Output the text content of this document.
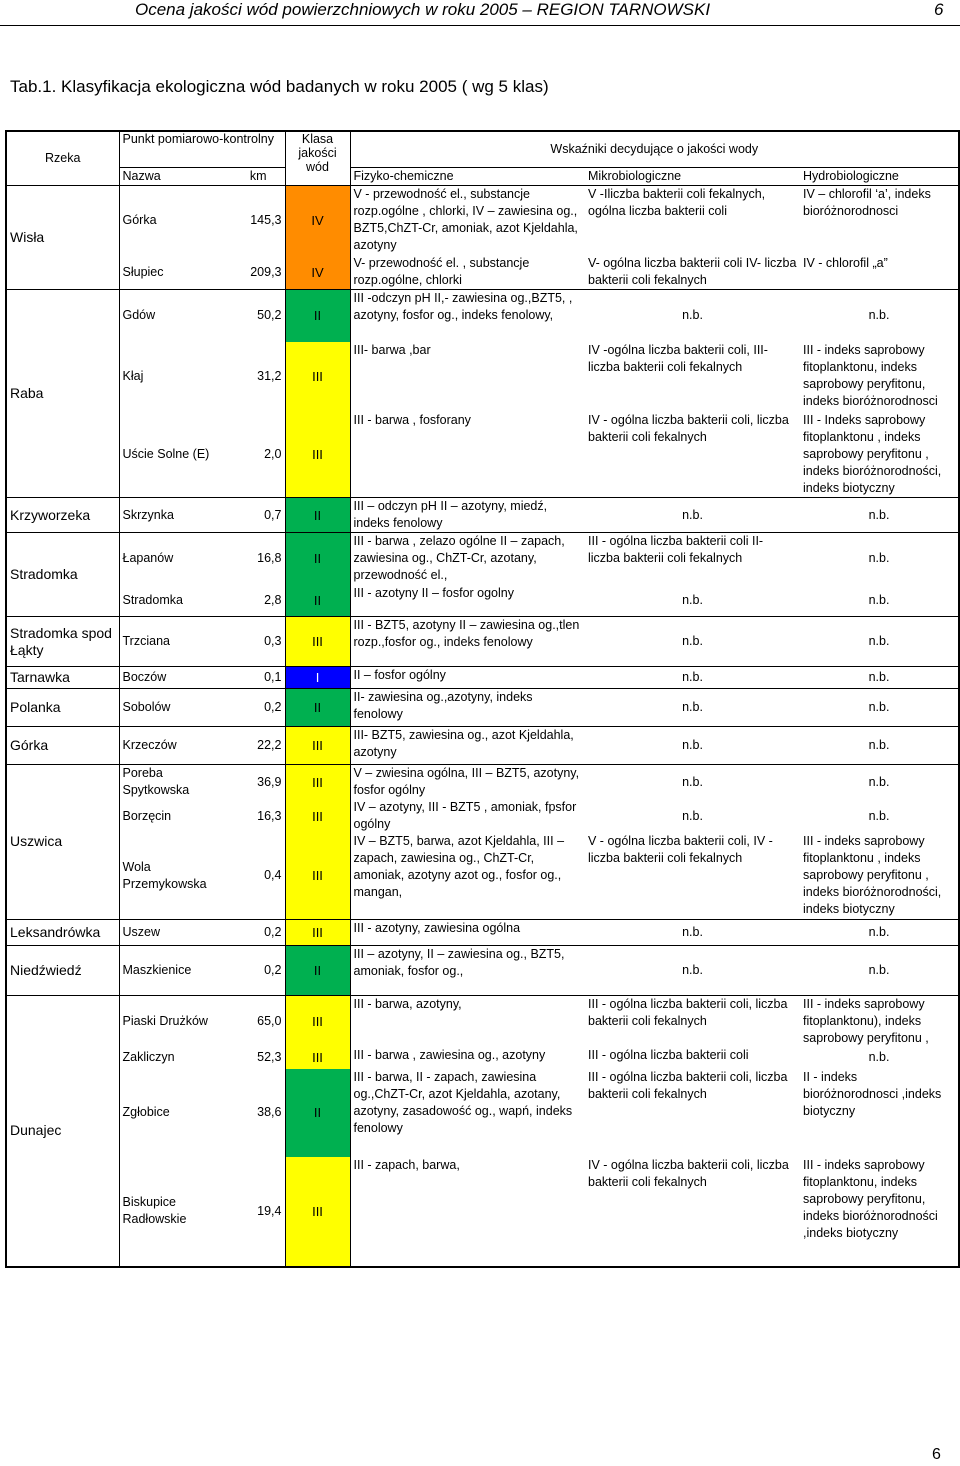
Ocena jakości wód powierzchniowych w roku 2005 – REGION TARNOWSKI	6
Tab.1. Klasyfikacja ekologiczna wód badanych w roku 2005 ( wg 5 klas)
Rzeka	Punkt pomiarowo-kontrolny		Klasa jakości wód	Wskaźniki decydujące o jakości wody		
	Nazwa	km		Fizyko-chemiczne	Mikrobiologiczne	Hydrobiologiczne
Wisła	Górka	145,3	IV	V - przewodność el., substancje rozp.ogólne , chlorki, IV – zawiesina og., BZT5,ChZT-Cr, amoniak, azot Kjeldahla, azotyny	V -Iliczba bakterii coli fekalnych, ogólna liczba bakterii coli	IV – chlorofil ‘a’, indeks bioróżnorodnosci
	Słupiec	209,3	IV	V- przewodność el. , substancje rozp.ogólne, chlorki	V- ogólna liczba bakterii coli IV- liczba bakterii coli fekalnych	IV - chlorofil „a”
Raba	Gdów	50,2	II	III -odczyn pH II,- zawiesina og.,BZT5, , azotyny, fosfor og., indeks fenolowy,	n.b.	n.b.
	Kłaj	31,2	III	III- barwa ,bar	IV -ogólna liczba bakterii coli, III- liczba bakterii coli fekalnych	III - indeks saprobowy fitoplanktonu, indeks saprobowy peryfitonu, indeks bioróżnorodnosci
	Uście Solne (E)	2,0	III	III - barwa , fosforany	IV - ogólna liczba bakterii coli, liczba bakterii coli fekalnych	III - Indeks saprobowy fitoplanktonu , indeks saprobowy peryfitonu , indeks bioróżnorodności, indeks biotyczny
Krzyworzeka	Skrzynka	0,7	II	III – odczyn pH II – azotyny, miedź, indeks fenolowy	n.b.	n.b.
Stradomka	Łapanów	16,8	II	III - barwa , zelazo ogólne II – zapach, zawiesina og., ChZT-Cr, azotany, przewodność el.,	III - ogólna liczba bakterii coli II- liczba bakterii coli fekalnych	n.b.
	Stradomka	2,8	II	III - azotyny II – fosfor ogolny	n.b.	n.b.
Stradomka spod Łąkty	Trzciana	0,3	III	III - BZT5, azotyny II – zawiesina og.,tlen rozp.,fosfor og., indeks fenolowy	n.b.	n.b.
Tarnawka	Boczów	0,1	I	II – fosfor ogólny	n.b.	n.b.
Polanka	Sobolów	0,2	II	II- zawiesina og.,azotyny, indeks fenolowy	n.b.	n.b.
Górka	Krzeczów	22,2	III	III- BZT5, zawiesina og., azot Kjeldahla, azotyny	n.b.	n.b.
Uszwica	Poreba Spytkowska	36,9	III	V – zwiesina ogólna, III – BZT5, azotyny, fosfor ogólny	n.b.	n.b.
	Borzęcin	16,3	III	IV – azotyny, III - BZT5 , amoniak, fpsfor ogólny	n.b.	n.b.
	Wola Przemykowska	0,4	III	IV – BZT5, barwa, azot Kjeldahla, III – zapach, zawiesina og., ChZT-Cr, amoniak, azotyny azot og., fosfor og., mangan,	V - ogólna liczba bakterii coli, IV - liczba bakterii coli fekalnych	III - indeks saprobowy fitoplanktonu , indeks saprobowy peryfitonu , indeks bioróżnorodności, indeks biotyczny
Leksandrówka	Uszew	0,2	III	III - azotyny, zawiesina ogólna	n.b.	n.b.
Niedźwiedź	Maszkienice	0,2	II	III – azotyny, II – zawiesina og., BZT5, amoniak, fosfor og.,	n.b.	n.b.
Dunajec	Piaski Drużków	65,0	III	III - barwa, azotyny,	III - ogólna liczba bakterii coli, liczba bakterii coli fekalnych	III - indeks saprobowy fitoplanktonu), indeks saprobowy peryfitonu ,
	Zakliczyn	52,3	III	III - barwa , zawiesina og., azotyny	III - ogólna liczba bakterii coli	n.b.
	Zgłobice	38,6	II	III - barwa, II - zapach, zawiesina og.,ChZT-Cr, azot Kjeldahla, azotany, azotyny, zasadowość og., wapń, indeks fenolowy	III - ogólna liczba bakterii coli, liczba bakterii coli fekalnych	II - indeks bioróżnorodnosci ,indeks biotyczny
	Biskupice Radłowskie	19,4	III	III - zapach, barwa,	IV - ogólna liczba bakterii coli, liczba bakterii coli fekalnych	III - indeks saprobowy fitoplanktonu, indeks saprobowy peryfitonu, indeks bioróżnorodności ,indeks biotyczny
6
